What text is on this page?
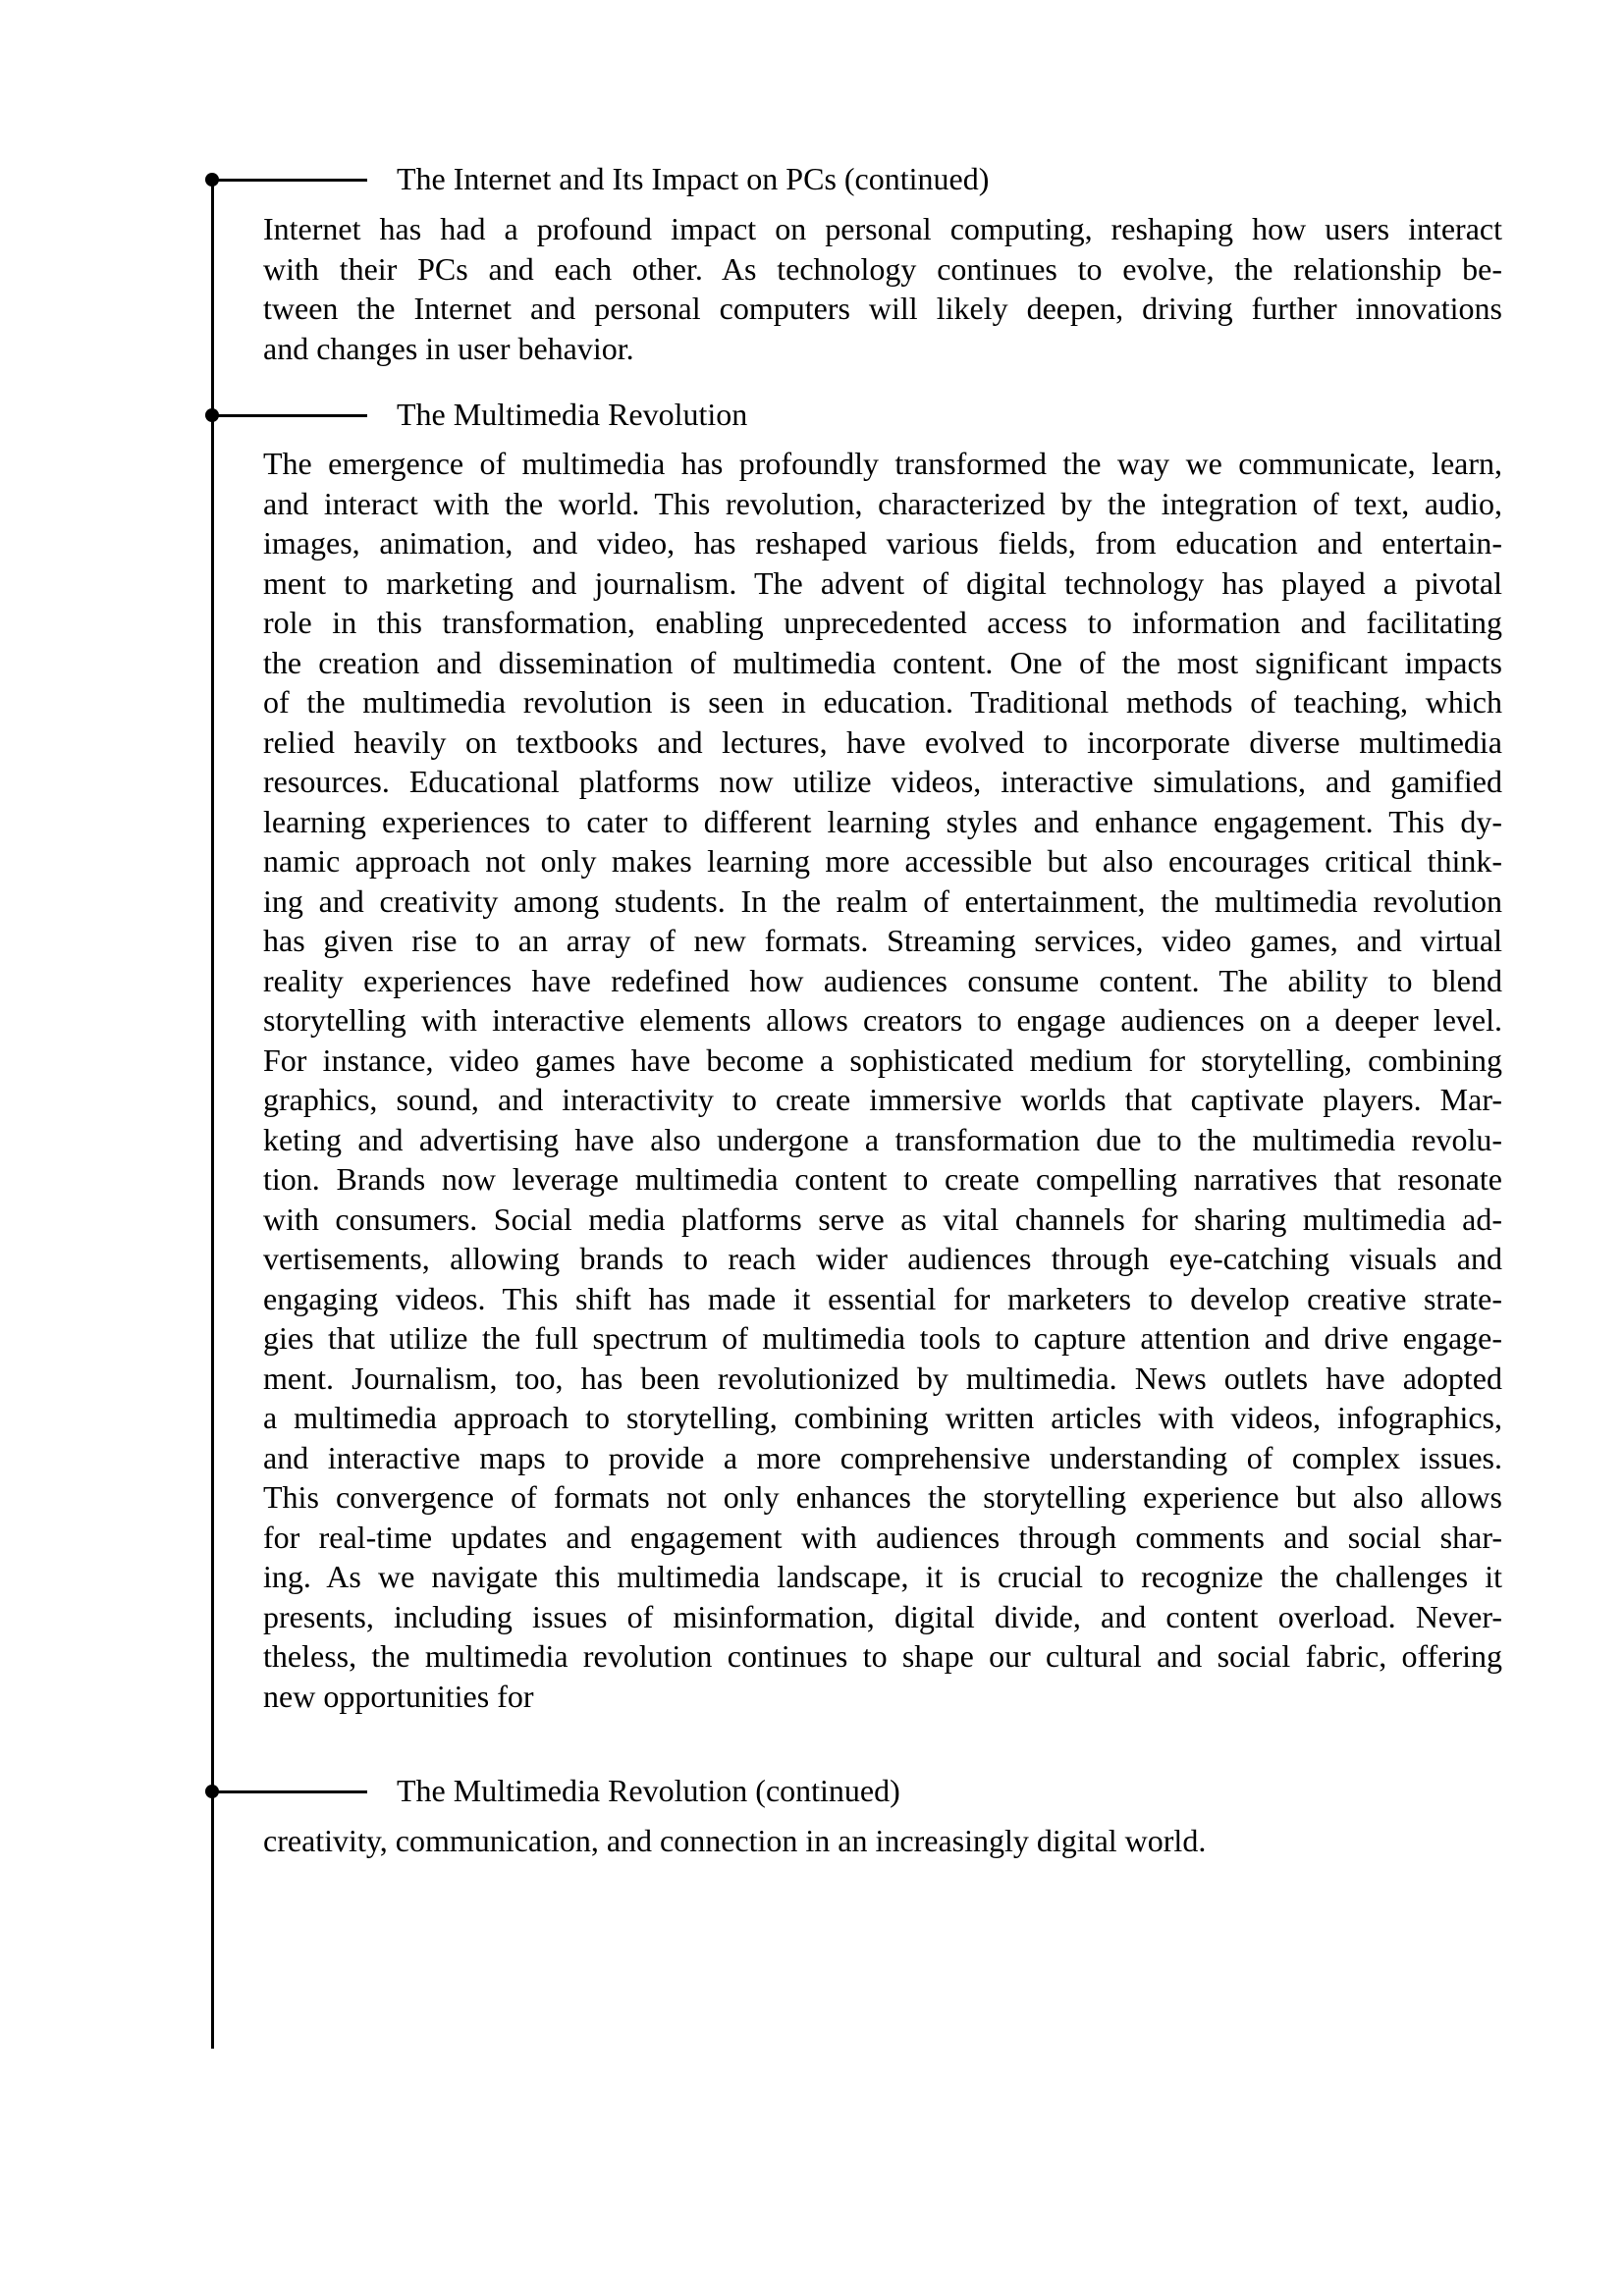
The Internet and Its Impact on PCs (continued)
Internet has had a profound impact on personal computing, reshaping how users interact
with their PCs and each other. As technology continues to evolve, the relationship be-
tween the Internet and personal computers will likely deepen, driving further innovations
and changes in user behavior.
The Multimedia Revolution
The emergence of multimedia has profoundly transformed the way we communicate, learn,
and interact with the world. This revolution, characterized by the integration of text, audio,
images, animation, and video, has reshaped various fields, from education and entertain-
ment to marketing and journalism. The advent of digital technology has played a pivotal
role in this transformation, enabling unprecedented access to information and facilitating
the creation and dissemination of multimedia content. One of the most significant impacts
of the multimedia revolution is seen in education. Traditional methods of teaching, which
relied heavily on textbooks and lectures, have evolved to incorporate diverse multimedia
resources. Educational platforms now utilize videos, interactive simulations, and gamified
learning experiences to cater to different learning styles and enhance engagement. This dy-
namic approach not only makes learning more accessible but also encourages critical think-
ing and creativity among students. In the realm of entertainment, the multimedia revolution
has given rise to an array of new formats. Streaming services, video games, and virtual
reality experiences have redefined how audiences consume content. The ability to blend
storytelling with interactive elements allows creators to engage audiences on a deeper level.
For instance, video games have become a sophisticated medium for storytelling, combining
graphics, sound, and interactivity to create immersive worlds that captivate players. Mar-
keting and advertising have also undergone a transformation due to the multimedia revolu-
tion. Brands now leverage multimedia content to create compelling narratives that resonate
with consumers. Social media platforms serve as vital channels for sharing multimedia ad-
vertisements, allowing brands to reach wider audiences through eye-catching visuals and
engaging videos. This shift has made it essential for marketers to develop creative strate-
gies that utilize the full spectrum of multimedia tools to capture attention and drive engage-
ment. Journalism, too, has been revolutionized by multimedia. News outlets have adopted
a multimedia approach to storytelling, combining written articles with videos, infographics,
and interactive maps to provide a more comprehensive understanding of complex issues.
This convergence of formats not only enhances the storytelling experience but also allows
for real-time updates and engagement with audiences through comments and social shar-
ing. As we navigate this multimedia landscape, it is crucial to recognize the challenges it
presents, including issues of misinformation, digital divide, and content overload. Never-
theless, the multimedia revolution continues to shape our cultural and social fabric, offering
new opportunities for
The Multimedia Revolution (continued)
creativity, communication, and connection in an increasingly digital world.
